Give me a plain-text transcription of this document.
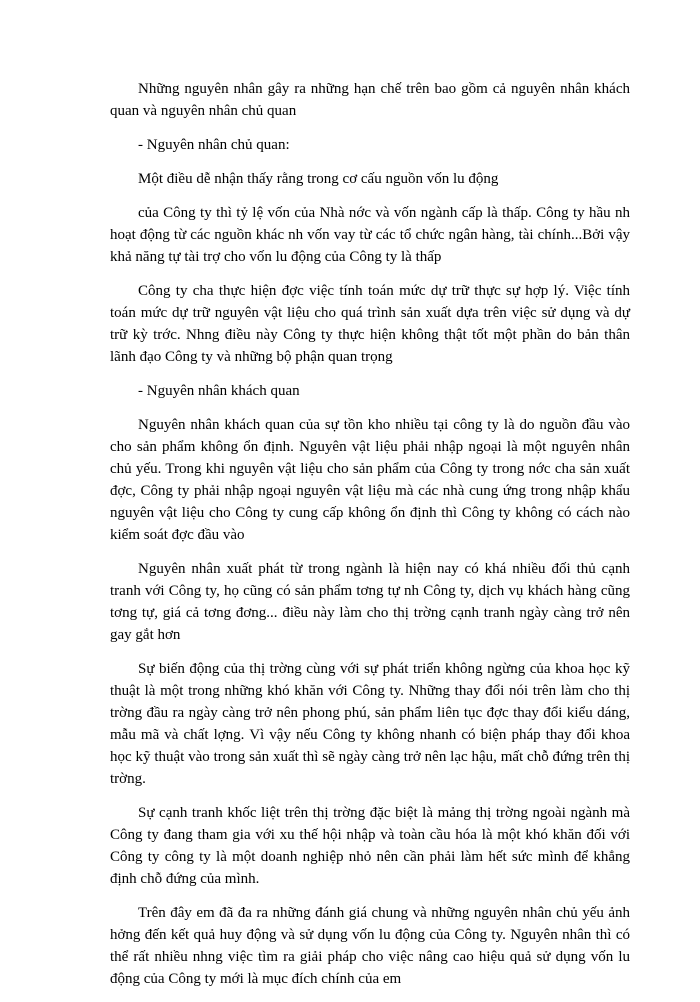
Những nguyên nhân gây ra những hạn chế trên bao gồm cả nguyên nhân khách quan và nguyên nhân chủ quan

- Nguyên nhân chủ quan:

Một điều dễ nhận thấy rằng trong cơ cấu nguồn vốn lu động

của Công ty thì tỷ lệ vốn của Nhà nớc và vốn ngành cấp là thấp. Công ty hầu nh hoạt động từ các nguồn khác nh vốn vay từ các tổ chức ngân hàng, tài chính...Bởi vậy khả năng tự tài trợ cho vốn lu động của Công ty là thấp

Công ty cha thực hiện đợc việc tính toán mức dự trữ thực sự hợp lý. Việc tính toán mức dự trữ nguyên vật liệu cho quá trình sản xuất dựa trên việc sử dụng và dự trữ kỳ trớc. Nhng điều này Công ty thực hiện không thật tốt một phần do bản thân lãnh đạo Công ty và những bộ phận quan trọng

- Nguyên nhân khách quan

Nguyên nhân khách quan của sự tồn kho nhiều tại công ty là do nguồn đầu vào cho sản phẩm không ổn định. Nguyên vật liệu phải nhập ngoại là một nguyên nhân chủ yếu. Trong khi nguyên vật liệu cho sản phẩm của Công ty trong nớc cha sản xuất đợc, Công ty phải nhập ngoại nguyên vật liệu mà các nhà cung ứng trong nhập khẩu nguyên vật liệu cho Công ty cung cấp không ổn định thì Công ty không có cách nào kiểm soát đợc đầu vào

Nguyên nhân xuất phát từ trong ngành là hiện nay có khá nhiều đối thủ cạnh tranh với Công ty, họ cũng có sản phẩm tơng tự nh Công ty, dịch vụ khách hàng cũng tơng tự, giá cả tơng đơng... điều này làm cho thị trờng cạnh tranh ngày càng trở nên gay gắt hơn

Sự biến động của thị trờng cùng với sự phát triển không ngừng của khoa học kỹ thuật là một trong những khó khăn với Công ty. Những thay đổi nói trên làm cho thị trờng đầu ra ngày càng trở nên phong phú, sản phẩm liên tục đợc thay đổi kiểu dáng, mẫu mã và chất lợng. Vì vậy nếu Công ty không nhanh có biện pháp thay đổi khoa học kỹ thuật vào trong sản xuất thì sẽ ngày càng trở nên lạc hậu, mất chỗ đứng trên thị trờng.

Sự cạnh tranh khốc liệt trên thị trờng đặc biệt là mảng thị trờng ngoài ngành mà Công ty đang tham gia với xu thế hội nhập và toàn cầu hóa là một khó khăn đối với Công ty công ty là một doanh nghiệp nhỏ nên cần phải làm hết sức mình để khẳng định chỗ đứng của mình.

Trên đây em đã đa ra những đánh giá chung và những nguyên nhân chủ yếu ảnh hởng đến kết quả huy động và sử dụng vốn lu động của Công ty. Nguyên nhân thì có thể rất nhiều nhng việc tìm ra giải pháp cho việc nâng cao hiệu quả sử dụng vốn lu động của Công ty mới là mục đích chính của em
